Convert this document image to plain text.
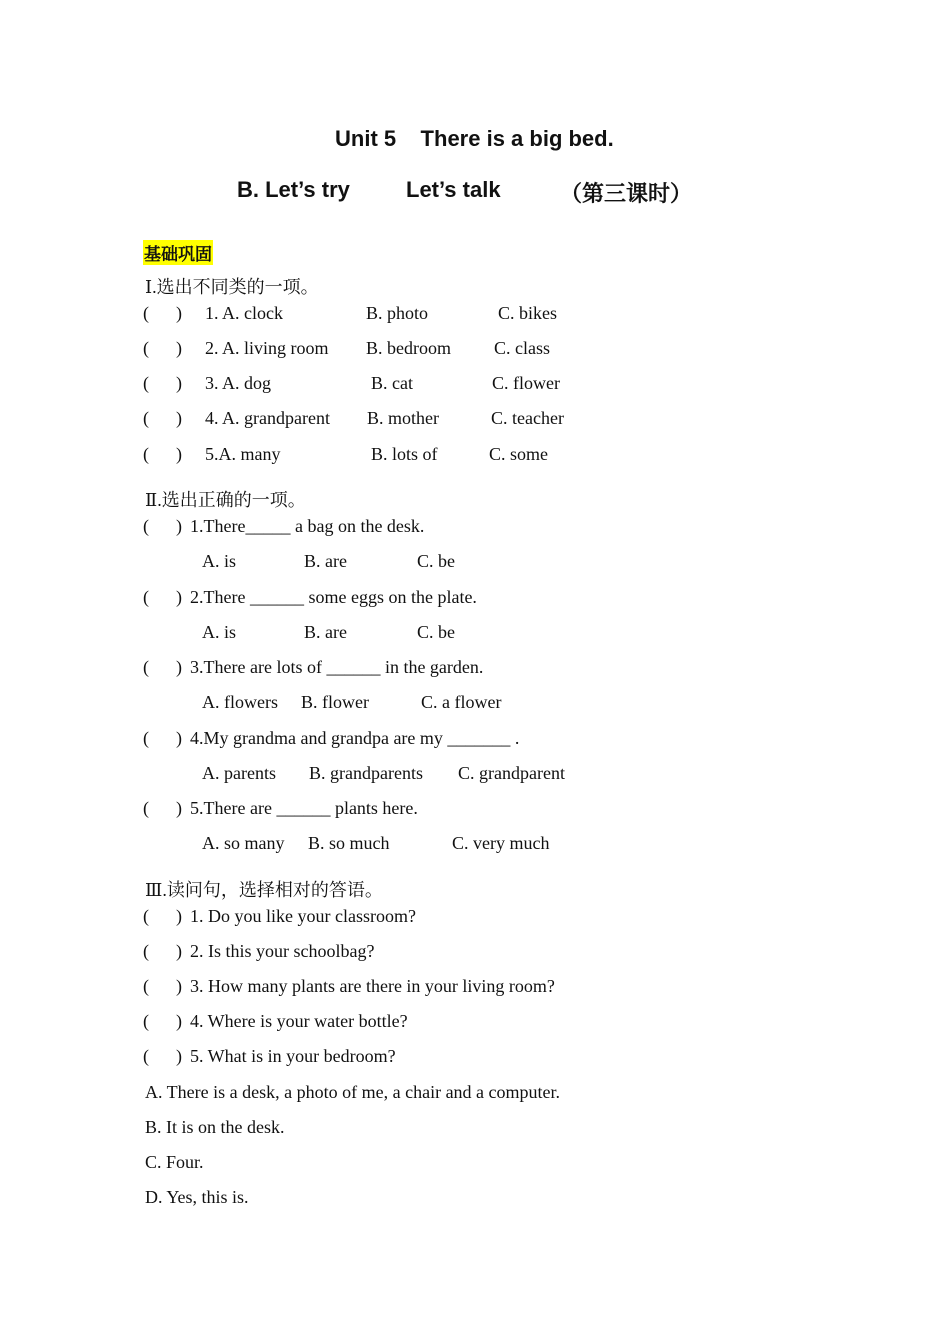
Unit 5    There is a big bed.
B. Let’s try	Let’s talk	（第三课时）
基础巩固
Ⅰ.选出不同类的一项。
(      ) 1. A. clock	B. photo	C. bikes
(      ) 2. A. living room B. bedroom C. class
(      ) 3. A. dog	B. cat	C. flower
(      ) 4. A. grandparent B. mother	C. teacher
(      ) 5.A. many	B. lots of	C. some
Ⅱ.选出正确的一项。
(      ) 1.There_____ a bag on the desk.
A. is	B. are	C. be
(      ) 2.There ______ some eggs on the plate.
A. is	B. are	C. be
(      ) 3.There are lots of ______ in the garden.
A. flowers B. flower	C. a flower
(      ) 4.My grandma and grandpa are my _______ .
A. parents B. grandparents C. grandparent
(      ) 5.There are ______ plants here.
A. so many B. so much	C. very much
Ⅲ.读问句，选择相对的答语。
(      ) 1. Do you like your classroom?
(      ) 2. Is this your schoolbag?
(      ) 3. How many plants are there in your living room?
(      ) 4. Where is your water bottle?
(      ) 5. What is in your bedroom?
A. There is a desk, a photo of me, a chair and a computer.
B. It is on the desk.
C. Four.
D. Yes, this is.
